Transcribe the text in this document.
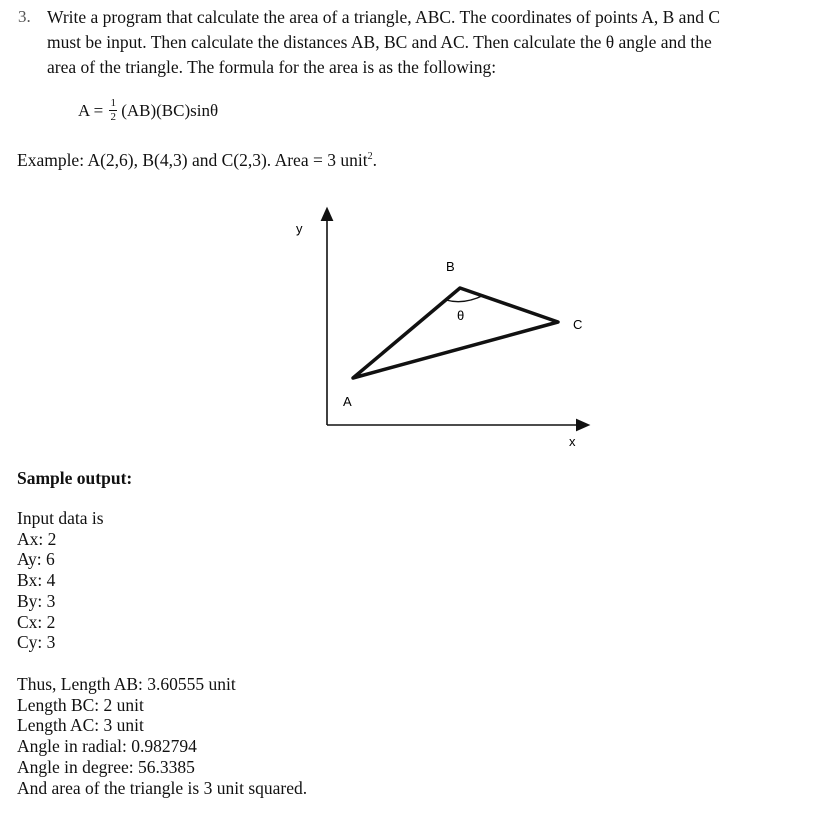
3. Write a program that calculate the area of a triangle, ABC. The coordinates of points A, B and C
must be input. Then calculate the distances AB, BC and AC. Then calculate the θ angle and the
area of the triangle. The formula for the area is as the following:
$A = \frac{1}{2} (AB)(BC)\sin\theta$
Example: A(2,6), B(4,3) and C(2,3). Area = 3 unit$^2$.
y
x
A
B
C
θ
Sample output:
Input data is
Ax: 2
Ay: 6
Bx: 4
By: 3
Cx: 2
Cy: 3
Thus, Length AB: 3.60555 unit
Length BC: 2 unit
Length AC: 3 unit
Angle in radial: 0.982794
Angle in degree: 56.3385
And area of the triangle is 3 unit squared.
